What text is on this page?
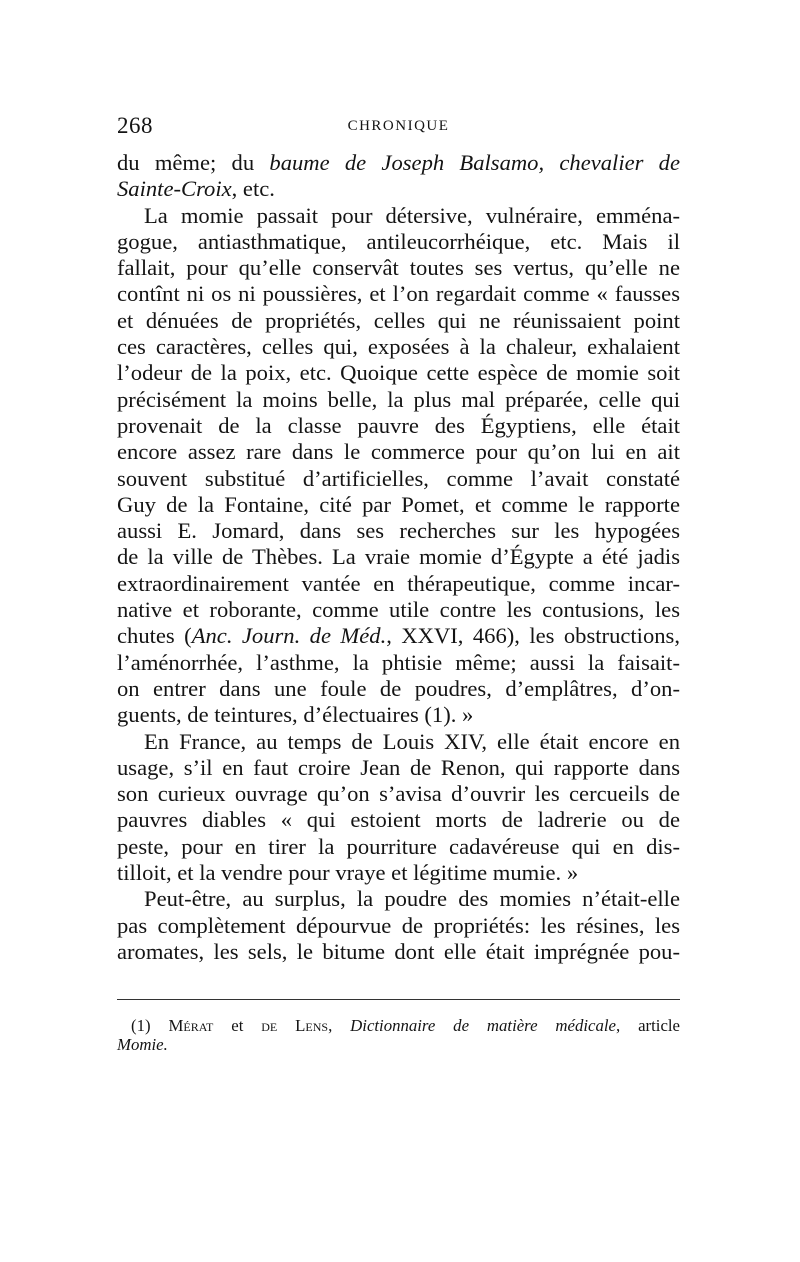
268	CHRONIQUE
du même; du baume de Joseph Balsamo, chevalier de
Sainte-Croix, etc.
La momie passait pour détersive, vulnéraire, emména-
gogue, antiasthmatique, antileucorrhéique, etc. Mais il
fallait, pour qu’elle conservât toutes ses vertus, qu’elle ne
contînt ni os ni poussières, et l’on regardait comme « fausses
et dénuées de propriétés, celles qui ne réunissaient point
ces caractères, celles qui, exposées à la chaleur, exhalaient
l’odeur de la poix, etc. Quoique cette espèce de momie soit
précisément la moins belle, la plus mal préparée, celle qui
provenait de la classe pauvre des Égyptiens, elle était
encore assez rare dans le commerce pour qu’on lui en ait
souvent substitué d’artificielles, comme l’avait constaté
Guy de la Fontaine, cité par Pomet, et comme le rapporte
aussi E. Jomard, dans ses recherches sur les hypogées
de la ville de Thèbes. La vraie momie d’Égypte a été jadis
extraordinairement vantée en thérapeutique, comme incar-
native et roborante, comme utile contre les contusions, les
chutes (Anc. Journ. de Méd., XXVI, 466), les obstructions,
l’aménorrhée, l’asthme, la phtisie même; aussi la faisait-
on entrer dans une foule de poudres, d’emplâtres, d’on-
guents, de teintures, d’électuaires (1). »
En France, au temps de Louis XIV, elle était encore en
usage, s’il en faut croire Jean de Renon, qui rapporte dans
son curieux ouvrage qu’on s’avisa d’ouvrir les cercueils de
pauvres diables « qui estoient morts de ladrerie ou de
peste, pour en tirer la pourriture cadavéreuse qui en dis-
tilloit, et la vendre pour vraye et légitime mumie. »
Peut-être, au surplus, la poudre des momies n’était-elle
pas complètement dépourvue de propriétés: les résines, les
aromates, les sels, le bitume dont elle était imprégnée pou-
(1) Mérat et de Lens, Dictionnaire de matière médicale, article
Momie.
